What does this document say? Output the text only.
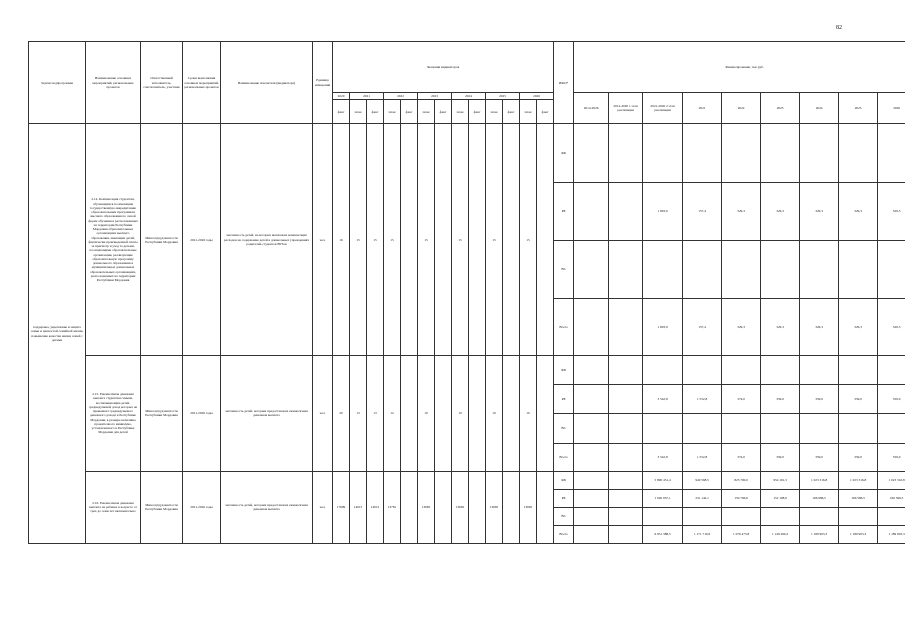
82
Задачи подпрограммы	Наименование основных мероприятий, региональных проектов	Ответственный исполнитель, соисполнитель, участник	Сроки выполнения основных мероприятий, региональных проектов	Наименование показателя (индикатора)	Единица измерения	Значения индикаторов													ИФО*	Финансирование, тыс.руб.								
						2020	2021		2022		2023		2024		2025		2026			2014-2026	2014-2020 1 этап реализации	2021-2026 2 этап реализации	2021	2022	2023	2024	2025	2026
						факт	план	факт	план	факт	план	факт	план	факт	план	факт	план	факт										
поддержка, укрепление и защита семьи и ценностей семейной жизни, повышение качества жизни семей с детьми	2.14. Компенсация студентам, обучающимся по имеющим государственную аккредитацию образовательным программам высшего образования по очной форме обучения в расположенных на территории Республики Мордовия образовательных организациях высшего образования, имеющим детей, фактически произведенной платы за присмотр и уход за детьми, посещающими образовательные организации, реализующие образовательную программу дошкольного образования в муниципальных дошкольных образовательных организациях, расположенных на территории Республики Мордовия	Минсоцтрудзанятости Республики Мордовия	2021-2026 годы	численность детей, на которых выплачена компенсация расходов на содержание детей в дошкольных учреждениях родителей-студентов ВУЗов	чел.	16	15	15	15		15		15		15		15		ФБ									
																			РБ			1 803,9	157,4	329,3	329,3	329,3	329,3	329,3
																			ВС									
																			Всего			1 803,9	157,4	329,3	329,3	329,3	329,3	329,3
	2.15. Ежемесячная денежная выплата студентам семьям, воспитывающим детей, среднедушевой доход которых не превышает среднедушевого денежного дохода в Республике Мордовия, в размере величины прожиточного минимума, установленного в Республике Мордовия для детей	Минсоцтрудзанятости Республики Мордовия	2021-2026 годы	численность детей, которым предоставлена ежемесячная денежная выплата	чел.	20	13	13	12		10		10		10		10		ФБ									
																			РБ			3 542,8	1 552,8	374,0	359,0	359,0	359,0	359,0
																			ВС									
																			Всего			3 542,8	1 552,8	374,0	359,0	359,0	359,0	359,0
	2.16. Ежемесячная денежная выплата на ребенка в возрасте от трех до семи лет включительно	Минсоцтрудзанятости Республики Мордовия	2021-2026 годы	численность детей, которым предоставлена ежемесячная денежная выплата	чел.	17699	14015	14012	13781		13665		13665		13665		13665		ФБ			5 890 451,4	940 568,5	825 700,0	954 161,3	1 023 316,8	1 023 316,8	1 023 316,8
																			РБ			1 040 937,1	231 142,1	150 766,6	152 108,9	166 986,5	166 586,5	166 596,5
																			ВС									
																			Всего			6 931 388,5	1 171 710,6	1 076 473,8	1 149 490,2	1 189 903,3	1 189 903,3	1 189 903,3
